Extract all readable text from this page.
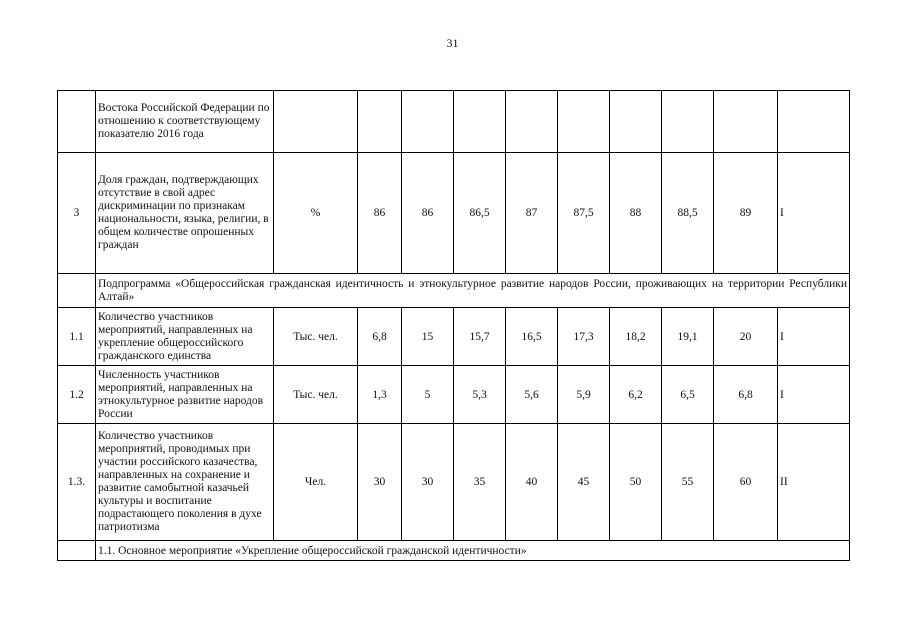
31
	Востока Российской Федерации по отношению к соответствующему показателю 2016 года										
3	Доля граждан, подтверждающих отсутствие в свой адрес дискриминации по признакам национальности, языка, религии, в общем количестве опрошенных граждан	%	86	86	86,5	87	87,5	88	88,5	89	I
	Подпрограмма «Общероссийская гражданская идентичность и этнокультурное развитие народов России, проживающих на территории Республики Алтай»										
1.1	Количество участников мероприятий, направленных на укрепление общероссийского гражданского единства	Тыс. чел.	6,8	15	15,7	16,5	17,3	18,2	19,1	20	I
1.2	Численность участников мероприятий, направленных на этнокультурное развитие народов России	Тыс. чел.	1,3	5	5,3	5,6	5,9	6,2	6,5	6,8	I
1.3.	Количество участников мероприятий, проводимых при участии российского казачества, направленных на сохранение и развитие самобытной казачьей культуры и воспитание подрастающего поколения в духе патриотизма	Чел.	30	30	35	40	45	50	55	60	II
	1.1. Основное мероприятие «Укрепление общероссийской гражданской идентичности»										
